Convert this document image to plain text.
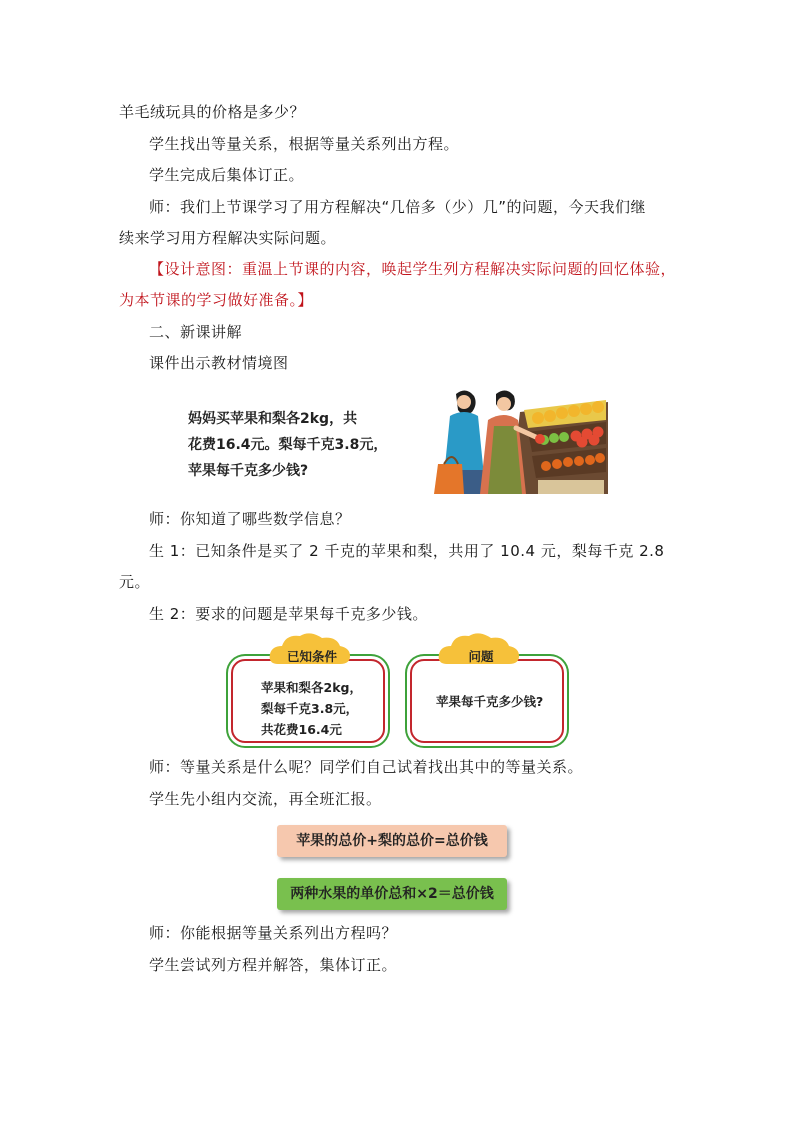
羊毛绒玩具的价格是多少？
学生找出等量关系，根据等量关系列出方程。
学生完成后集体订正。
师：我们上节课学习了用方程解决“几倍多（少）几”的问题，今天我们继
续来学习用方程解决实际问题。
【设计意图：重温上节课的内容，唤起学生列方程解决实际问题的回忆体验，
为本节课的学习做好准备。】
二、新课讲解
课件出示教材情境图
妈妈买苹果和梨各2kg，共
花费16.4元。梨每千克3.8元，
苹果每千克多少钱?
师：你知道了哪些数学信息？
生 1：已知条件是买了 2 千克的苹果和梨，共用了 10.4 元，梨每千克 2.8
元。
生 2：要求的问题是苹果每千克多少钱。
苹果和梨各2kg，
梨每千克3.8元，
共花费16.4元
已知条件
苹果每千克多少钱?
问题
师：等量关系是什么呢？同学们自己试着找出其中的等量关系。
学生先小组内交流，再全班汇报。
苹果的总价+梨的总价=总价钱
两种水果的单价总和×2＝总价钱
师：你能根据等量关系列出方程吗？
学生尝试列方程并解答，集体订正。
